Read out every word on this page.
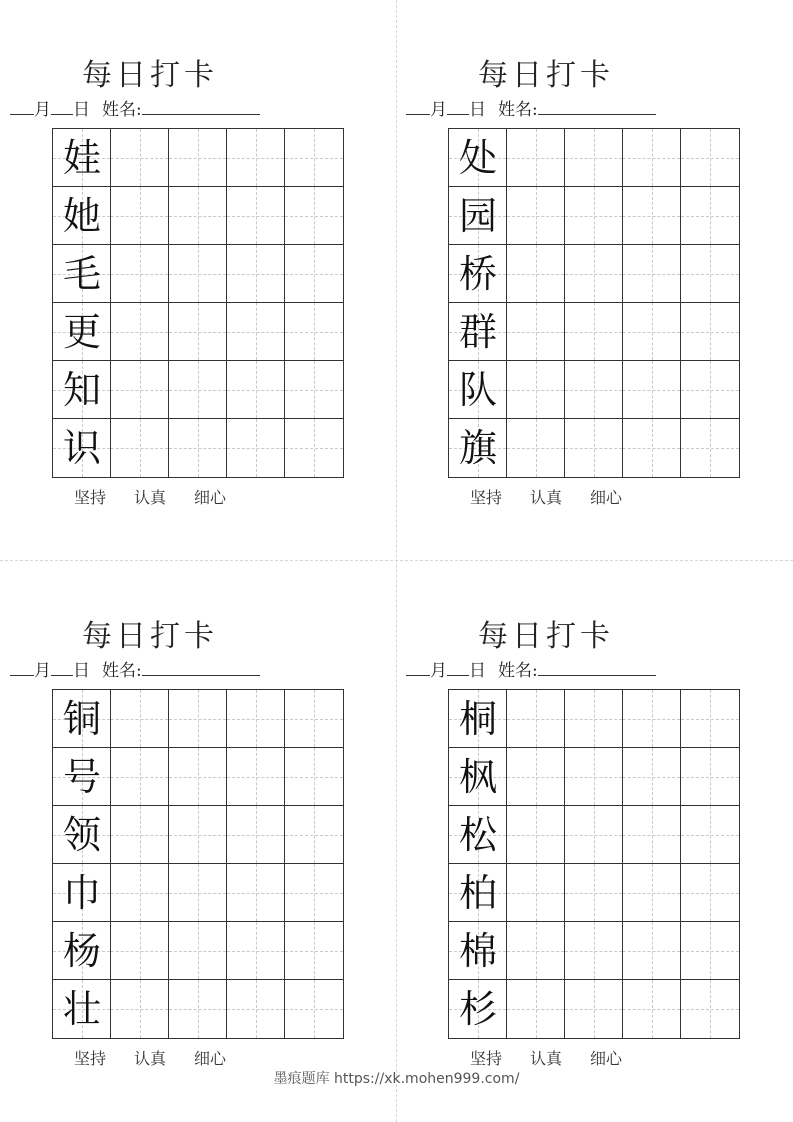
每日打卡
月 日 姓名:
娃
她
毛
更
知
识
坚持 认真 细心
每日打卡
月 日 姓名:
处
园
桥
群
队
旗
坚持 认真 细心
每日打卡
月 日 姓名:
铜
号
领
巾
杨
壮
坚持 认真 细心
每日打卡
月 日 姓名:
桐
枫
松
柏
棉
杉
坚持 认真 细心
墨痕题库 https://xk.mohen999.com/
